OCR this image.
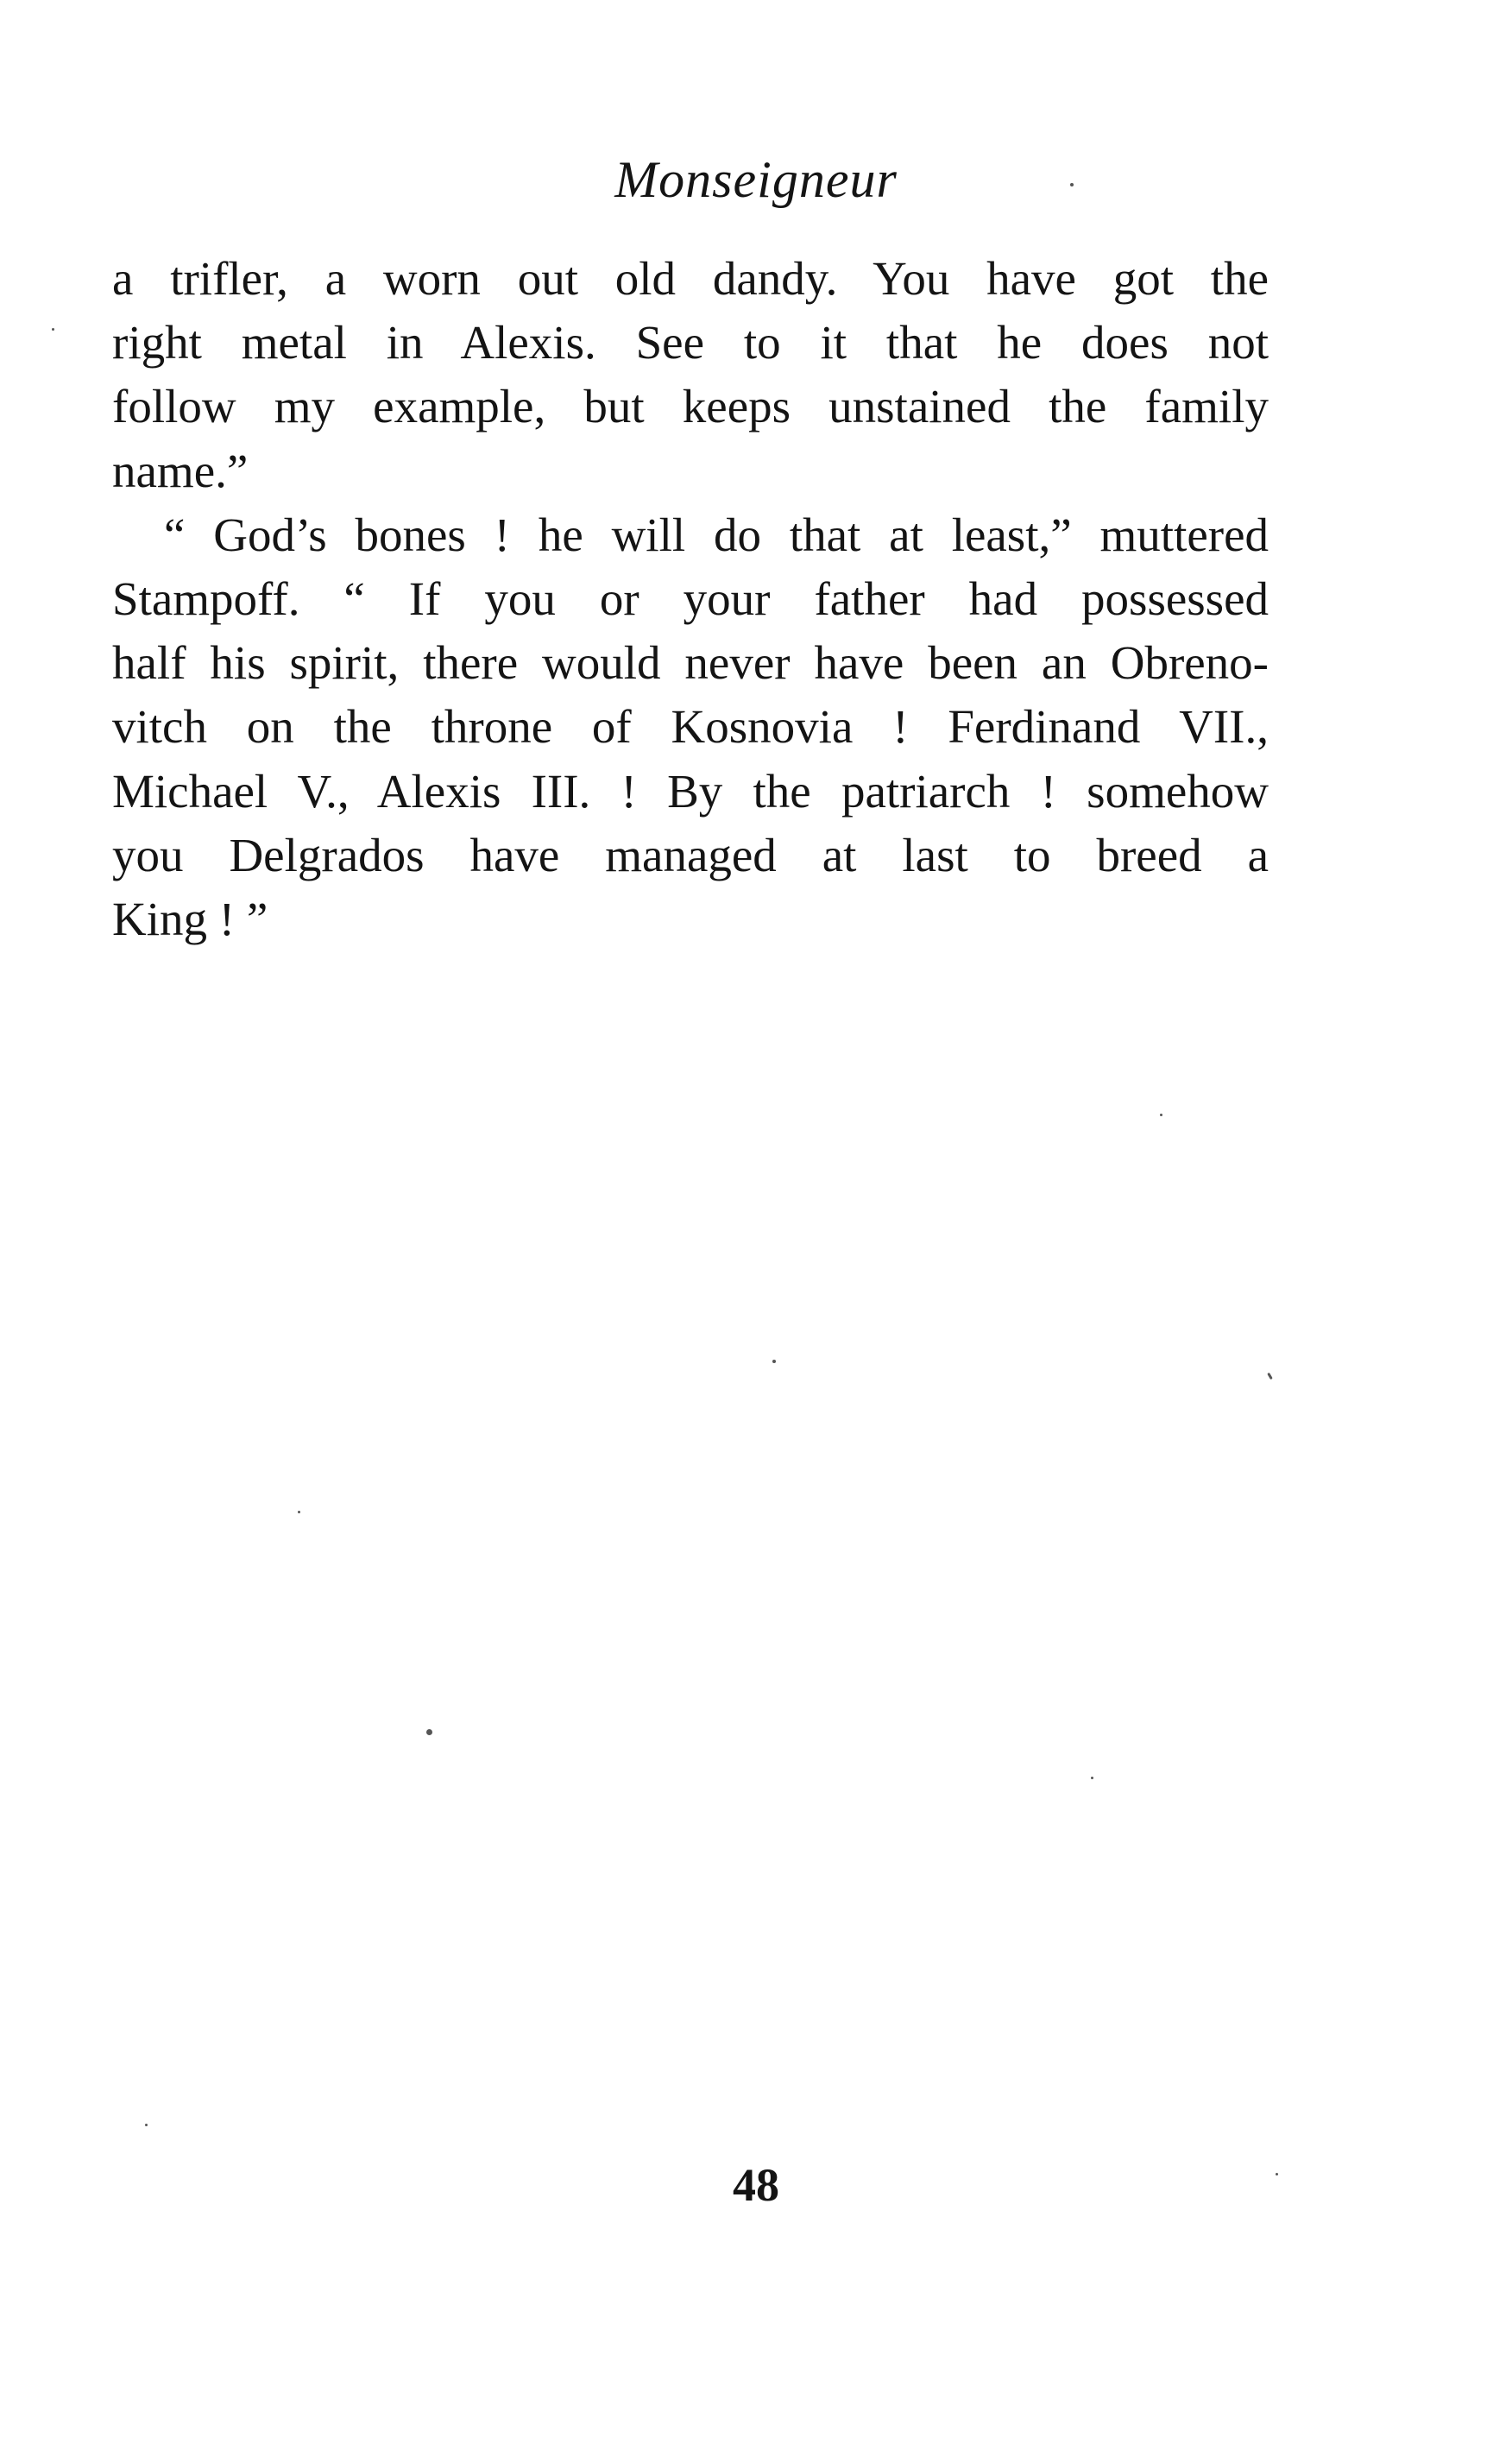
Monseigneur
a trifler, a worn out old dandy. You have got the
right metal in Alexis. See to it that he does not
follow my example, but keeps unstained the family
name.”
“ God’s bones ! he will do that at least,” muttered
Stampoff. “ If you or your father had possessed
half his spirit, there would never have been an Obreno-
vitch on the throne of Kosnovia ! Ferdinand VII.,
Michael V., Alexis III. ! By the patriarch ! somehow
you Delgrados have managed at last to breed a
King ! ”

48
